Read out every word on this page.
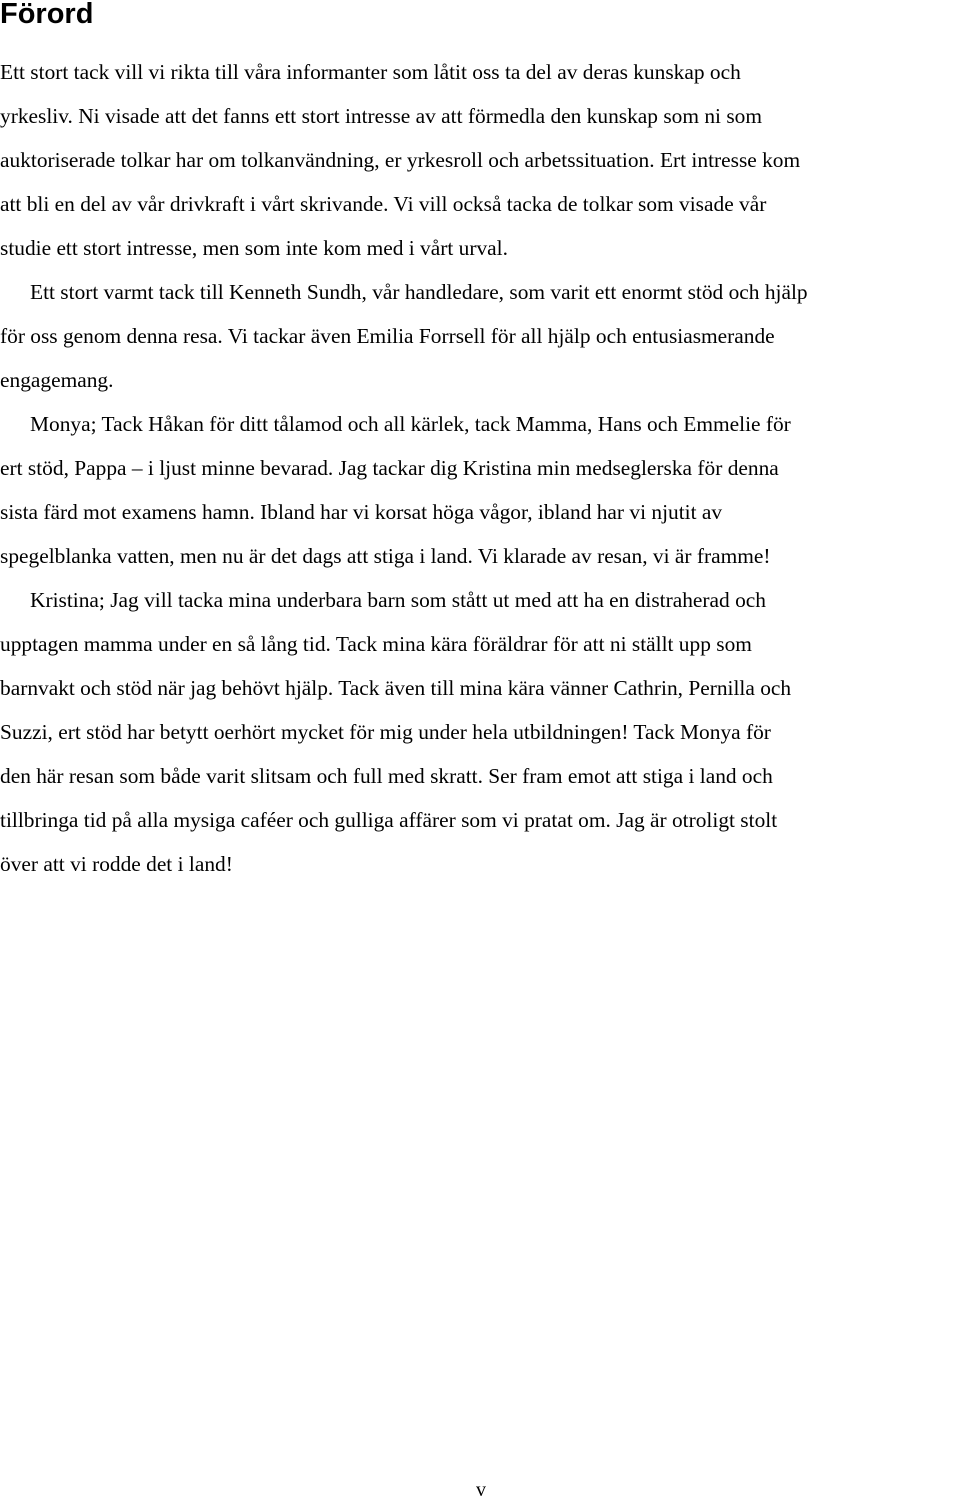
Förord

Ett stort tack vill vi rikta till våra informanter som låtit oss ta del av deras kunskap och
yrkesliv. Ni visade att det fanns ett stort intresse av att förmedla den kunskap som ni som
auktoriserade tolkar har om tolkanvändning, er yrkesroll och arbetssituation. Ert intresse kom
att bli en del av vår drivkraft i vårt skrivande. Vi vill också tacka de tolkar som visade vår
studie ett stort intresse, men som inte kom med i vårt urval.

Ett stort varmt tack till Kenneth Sundh, vår handledare, som varit ett enormt stöd och hjälp
för oss genom denna resa. Vi tackar även Emilia Forrsell för all hjälp och entusiasmerande
engagemang.

Monya; Tack Håkan för ditt tålamod och all kärlek, tack Mamma, Hans och Emmelie för
ert stöd, Pappa – i ljust minne bevarad. Jag tackar dig Kristina min medseglerska för denna
sista färd mot examens hamn. Ibland har vi korsat höga vågor, ibland har vi njutit av
spegelblanka vatten, men nu är det dags att stiga i land. Vi klarade av resan, vi är framme!

Kristina; Jag vill tacka mina underbara barn som stått ut med att ha en distraherad och
upptagen mamma under en så lång tid. Tack mina kära föräldrar för att ni ställt upp som
barnvakt och stöd när jag behövt hjälp. Tack även till mina kära vänner Cathrin, Pernilla och
Suzzi, ert stöd har betytt oerhört mycket för mig under hela utbildningen! Tack Monya för
den här resan som både varit slitsam och full med skratt. Ser fram emot att stiga i land och
tillbringa tid på alla mysiga caféer och gulliga affärer som vi pratat om. Jag är otroligt stolt
över att vi rodde det i land!

v
